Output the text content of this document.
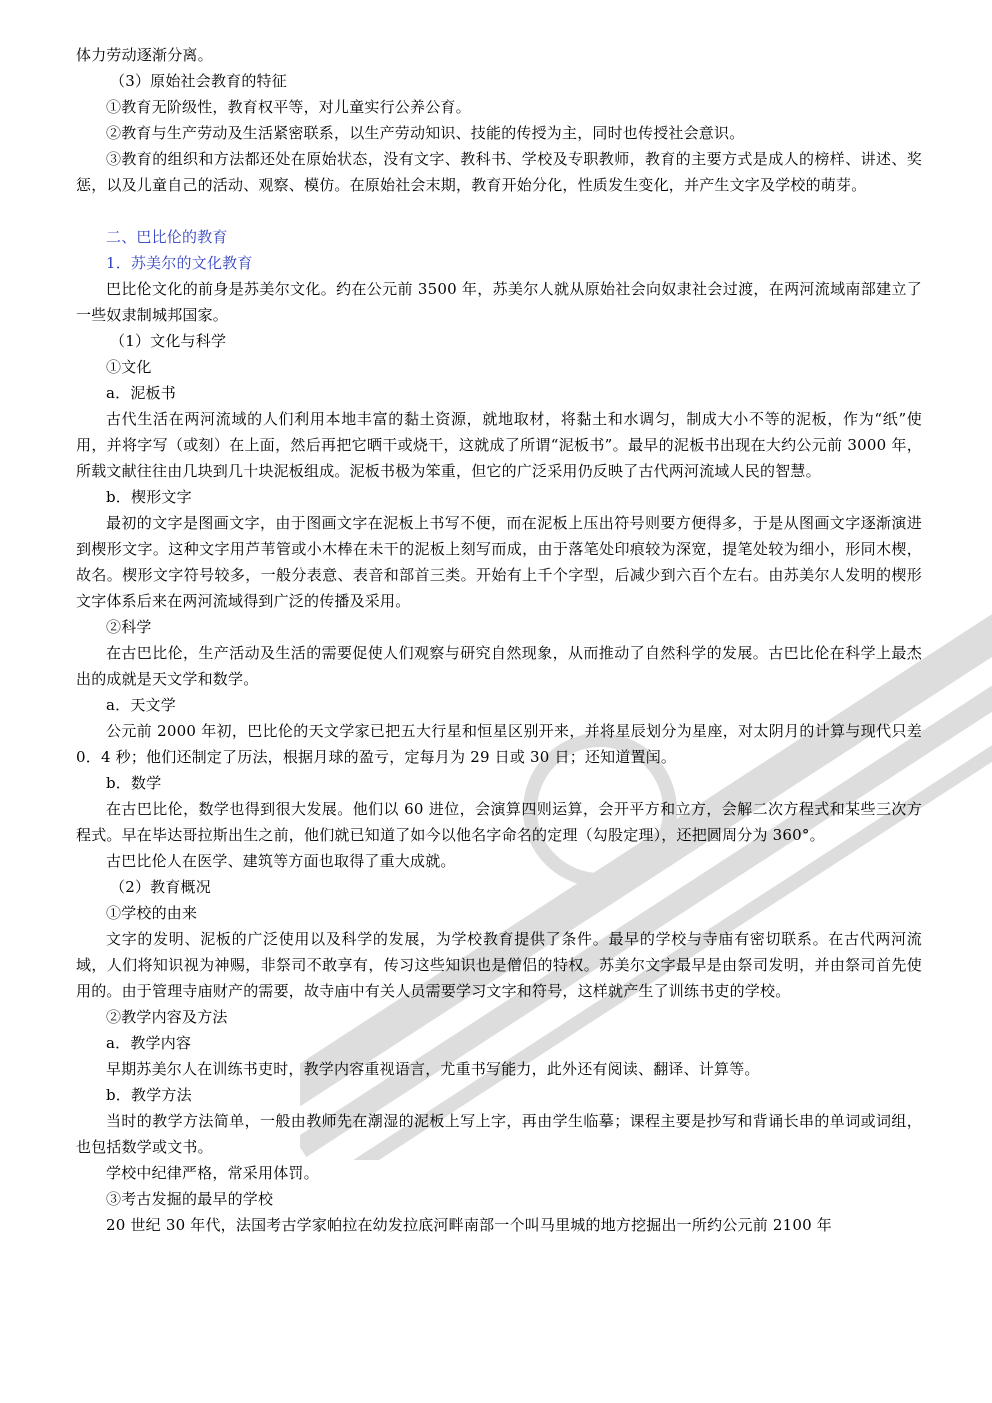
体力劳动逐渐分离。

（3）原始社会教育的特征

①教育无阶级性，教育权平等，对儿童实行公养公育。

②教育与生产劳动及生活紧密联系，以生产劳动知识、技能的传授为主，同时也传授社会意识。

③教育的组织和方法都还处在原始状态，没有文字、教科书、学校及专职教师，教育的主要方式是成人的榜样、讲述、奖惩，以及儿童自己的活动、观察、模仿。在原始社会末期，教育开始分化，性质发生变化，并产生文字及学校的萌芽。

二、巴比伦的教育

1．苏美尔的文化教育

巴比伦文化的前身是苏美尔文化。约在公元前 3500 年，苏美尔人就从原始社会向奴隶社会过渡，在两河流域南部建立了一些奴隶制城邦国家。

（1）文化与科学

①文化

a．泥板书

古代生活在两河流域的人们利用本地丰富的黏土资源，就地取材，将黏土和水调匀，制成大小不等的泥板，作为“纸”使用，并将字写（或刻）在上面，然后再把它晒干或烧干，这就成了所谓“泥板书”。最早的泥板书出现在大约公元前 3000 年，所载文献往往由几块到几十块泥板组成。泥板书极为笨重，但它的广泛采用仍反映了古代两河流域人民的智慧。

b．楔形文字

最初的文字是图画文字，由于图画文字在泥板上书写不便，而在泥板上压出符号则要方便得多，于是从图画文字逐渐演进到楔形文字。这种文字用芦苇管或小木棒在未干的泥板上刻写而成，由于落笔处印痕较为深宽，提笔处较为细小，形同木楔，故名。楔形文字符号较多，一般分表意、表音和部首三类。开始有上千个字型，后减少到六百个左右。由苏美尔人发明的楔形文字体系后来在两河流域得到广泛的传播及采用。

②科学

在古巴比伦，生产活动及生活的需要促使人们观察与研究自然现象，从而推动了自然科学的发展。古巴比伦在科学上最杰出的成就是天文学和数学。

a．天文学

公元前 2000 年初，巴比伦的天文学家已把五大行星和恒星区别开来，并将星辰划分为星座，对太阴月的计算与现代只差 0．4 秒；他们还制定了历法，根据月球的盈亏，定每月为 29 日或 30 日；还知道置闰。

b．数学

在古巴比伦，数学也得到很大发展。他们以 60 进位，会演算四则运算，会开平方和立方，会解二次方程式和某些三次方程式。早在毕达哥拉斯出生之前，他们就已知道了如今以他名字命名的定理（勾股定理），还把圆周分为 360°。

古巴比伦人在医学、建筑等方面也取得了重大成就。

（2）教育概况

①学校的由来

文字的发明、泥板的广泛使用以及科学的发展，为学校教育提供了条件。最早的学校与寺庙有密切联系。在古代两河流域，人们将知识视为神赐，非祭司不敢享有，传习这些知识也是僧侣的特权。苏美尔文字最早是由祭司发明，并由祭司首先使用的。由于管理寺庙财产的需要，故寺庙中有关人员需要学习文字和符号，这样就产生了训练书吏的学校。

②教学内容及方法

a．教学内容

早期苏美尔人在训练书吏时，教学内容重视语言，尤重书写能力，此外还有阅读、翻译、计算等。

b．教学方法

当时的教学方法简单，一般由教师先在潮湿的泥板上写上字，再由学生临摹；课程主要是抄写和背诵长串的单词或词组，也包括数学或文书。

学校中纪律严格，常采用体罚。

③考古发掘的最早的学校

20 世纪 30 年代，法国考古学家帕拉在幼发拉底河畔南部一个叫马里城的地方挖掘出一所约公元前 2100 年
